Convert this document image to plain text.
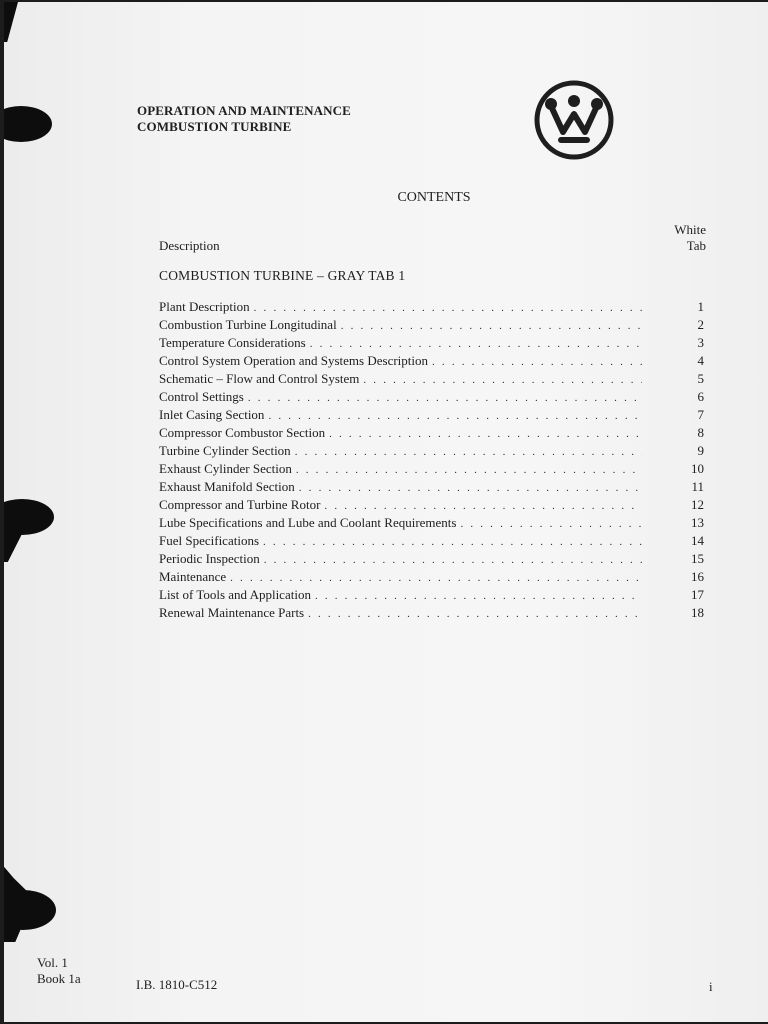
OPERATION AND MAINTENANCE
COMBUSTION TURBINE
CONTENTS
Description
White
Tab
COMBUSTION TURBINE – GRAY TAB 1
Plant Description . . .	1
Combustion Turbine Longitudinal . . .	2
Temperature Considerations . . .	3
Control System Operation and Systems Description . . .	4
Schematic – Flow and Control System . . .	5
Control Settings . . .	6
Inlet Casing Section . . .	7
Compressor Combustor Section . . .	8
Turbine Cylinder Section . . .	9
Exhaust Cylinder Section . . .	10
Exhaust Manifold Section . . .	11
Compressor and Turbine Rotor . . .	12
Lube Specifications and Lube and Coolant Requirements . . .	13
Fuel Specifications . . .	14
Periodic Inspection . . .	15
Maintenance . . .	16
List of Tools and Application . . .	17
Renewal Maintenance Parts . . .	18
Vol. 1
Book 1a	I.B. 1810-C512	i
